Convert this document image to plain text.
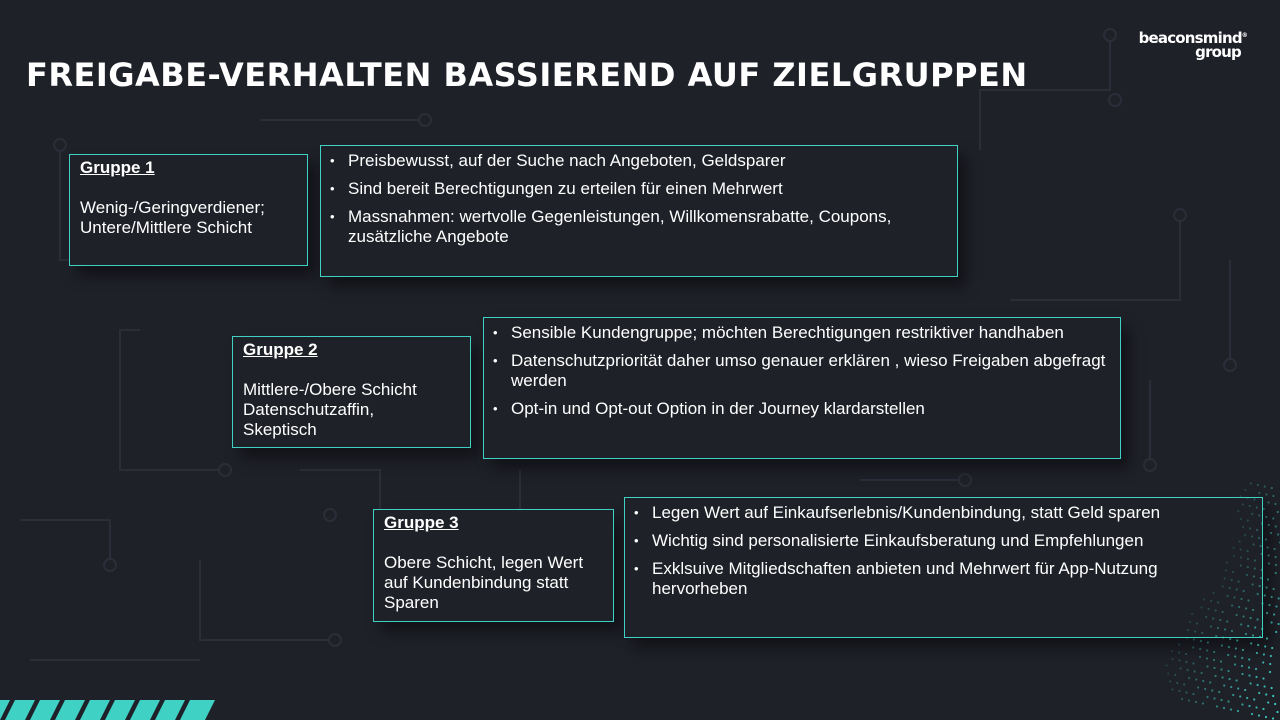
FREIGABE-VERHALTEN BASSIEREND AUF ZIELGRUPPEN
beaconsmind®
group
Gruppe 1
Wenig-/Geringverdiener;
Untere/Mittlere Schicht
• Preisbewusst, auf der Suche nach Angeboten, Geldsparer
• Sind bereit Berechtigungen zu erteilen für einen Mehrwert
• Massnahmen: wertvolle Gegenleistungen, Willkomensrabatte, Coupons, zusätzliche Angebote
Gruppe 2
Mittlere-/Obere Schicht
Datenschutzaffin,
Skeptisch
• Sensible Kundengruppe; möchten Berechtigungen restriktiver handhaben
• Datenschutzpriorität daher umso genauer erklären , wieso Freigaben abgefragt werden
• Opt-in und Opt-out Option in der Journey klardarstellen
Gruppe 3
Obere Schicht, legen Wert
auf Kundenbindung statt
Sparen
• Legen Wert auf Einkaufserlebnis/Kundenbindung, statt Geld sparen
• Wichtig sind personalisierte Einkaufsberatung und Empfehlungen
• Exklsuive Mitgliedschaften anbieten und Mehrwert für App-Nutzung hervorheben
